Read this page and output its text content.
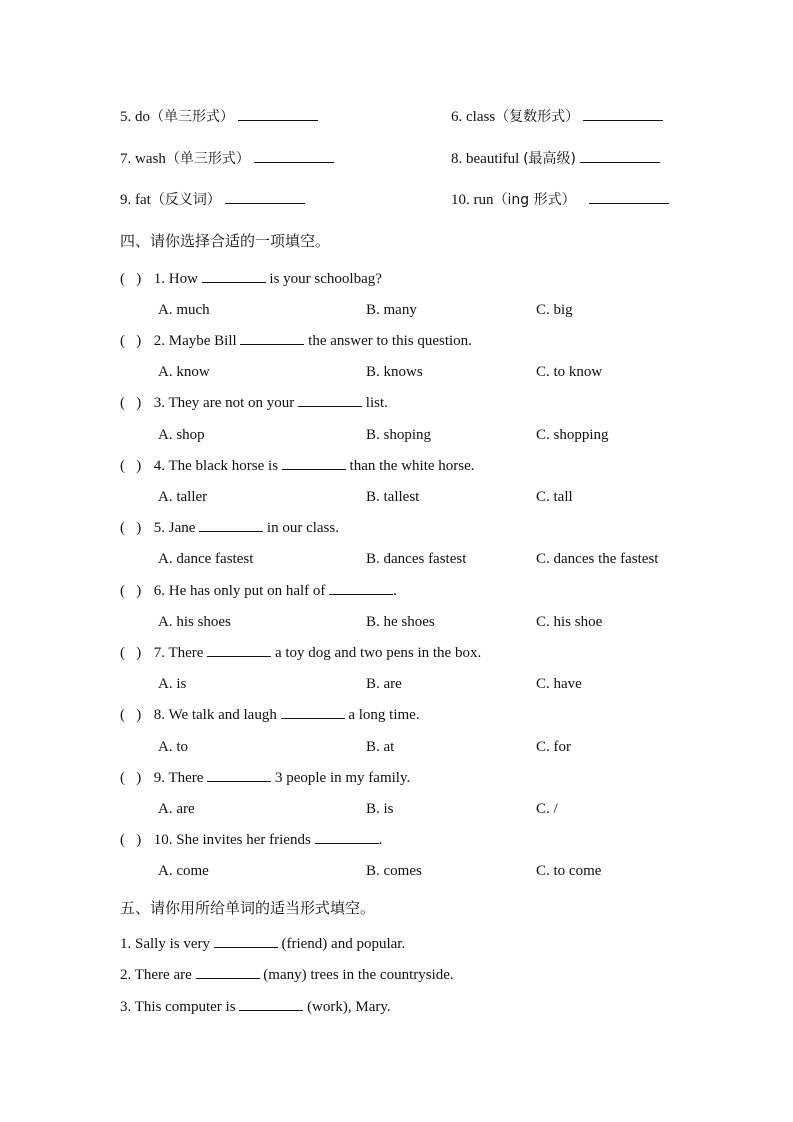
5. do（单三形式）	6. class（复数形式）
7. wash（单三形式）	8. beautiful (最高级)
9. fat（反义词）	10. run（ing 形式）
四、请你选择合适的一项填空。
( ) 1. How	is your schoolbag?
A. much	B. many	C. big
( ) 2. Maybe Bill	the answer to this question.
A. know	B. knows	C. to know
( ) 3. They are not on your	list.
A. shop	B. shoping	C. shopping
( ) 4. The black horse is	than the white horse.
A. taller	B. tallest	C. tall
( ) 5. Jane	in our class.
A. dance fastest	B. dances fastest	C. dances the fastest
( ) 6. He has only put on half of	.
A. his shoes	B. he shoes	C. his shoe
( ) 7. There	a toy dog and two pens in the box.
A. is	B. are	C. have
( ) 8. We talk and laugh	a long time.
A. to	B. at	C. for
( ) 9. There	3 people in my family.
A. are	B. is	C. /
( ) 10. She invites her friends	.
A. come	B. comes	C. to come
五、请你用所给单词的适当形式填空。
1. Sally is very	(friend) and popular.
2. There are	(many) trees in the countryside.
3. This computer is	(work), Mary.
